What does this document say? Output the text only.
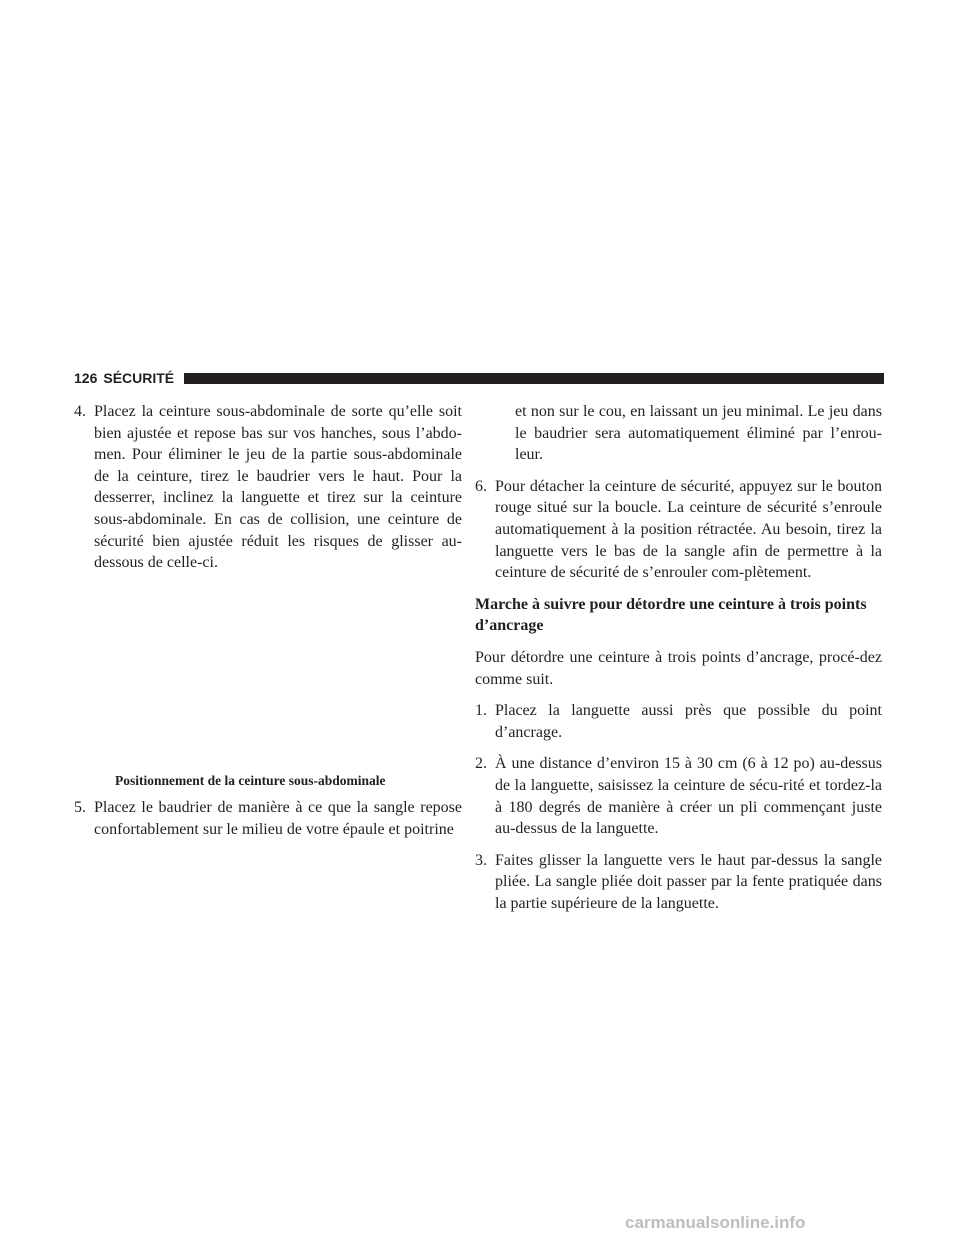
126 SÉCURITÉ
4. Placez la ceinture sous-abdominale de sorte qu’elle soit bien ajustée et repose bas sur vos hanches, sous l’abdo-men. Pour éliminer le jeu de la partie sous-abdominale de la ceinture, tirez le baudrier vers le haut. Pour la desserrer, inclinez la languette et tirez sur la ceinture sous-abdominale. En cas de collision, une ceinture de sécurité bien ajustée réduit les risques de glisser au-dessous de celle-ci.
Positionnement de la ceinture sous-abdominale
5. Placez le baudrier de manière à ce que la sangle repose confortablement sur le milieu de votre épaule et poitrine
et non sur le cou, en laissant un jeu minimal. Le jeu dans le baudrier sera automatiquement éliminé par l’enrou-leur.
6. Pour détacher la ceinture de sécurité, appuyez sur le bouton rouge situé sur la boucle. La ceinture de sécurité s’enroule automatiquement à la position rétractée. Au besoin, tirez la languette vers le bas de la sangle afin de permettre à la ceinture de sécurité de s’enrouler com-plètement.
Marche à suivre pour détordre une ceinture à trois points d’ancrage
Pour détordre une ceinture à trois points d’ancrage, procé-dez comme suit.
1. Placez la languette aussi près que possible du point d’ancrage.
2. À une distance d’environ 15 à 30 cm (6 à 12 po) au-dessus de la languette, saisissez la ceinture de sécu-rité et tordez-la à 180 degrés de manière à créer un pli commençant juste au-dessus de la languette.
3. Faites glisser la languette vers le haut par-dessus la sangle pliée. La sangle pliée doit passer par la fente pratiquée dans la partie supérieure de la languette.
carmanualsonline.info
